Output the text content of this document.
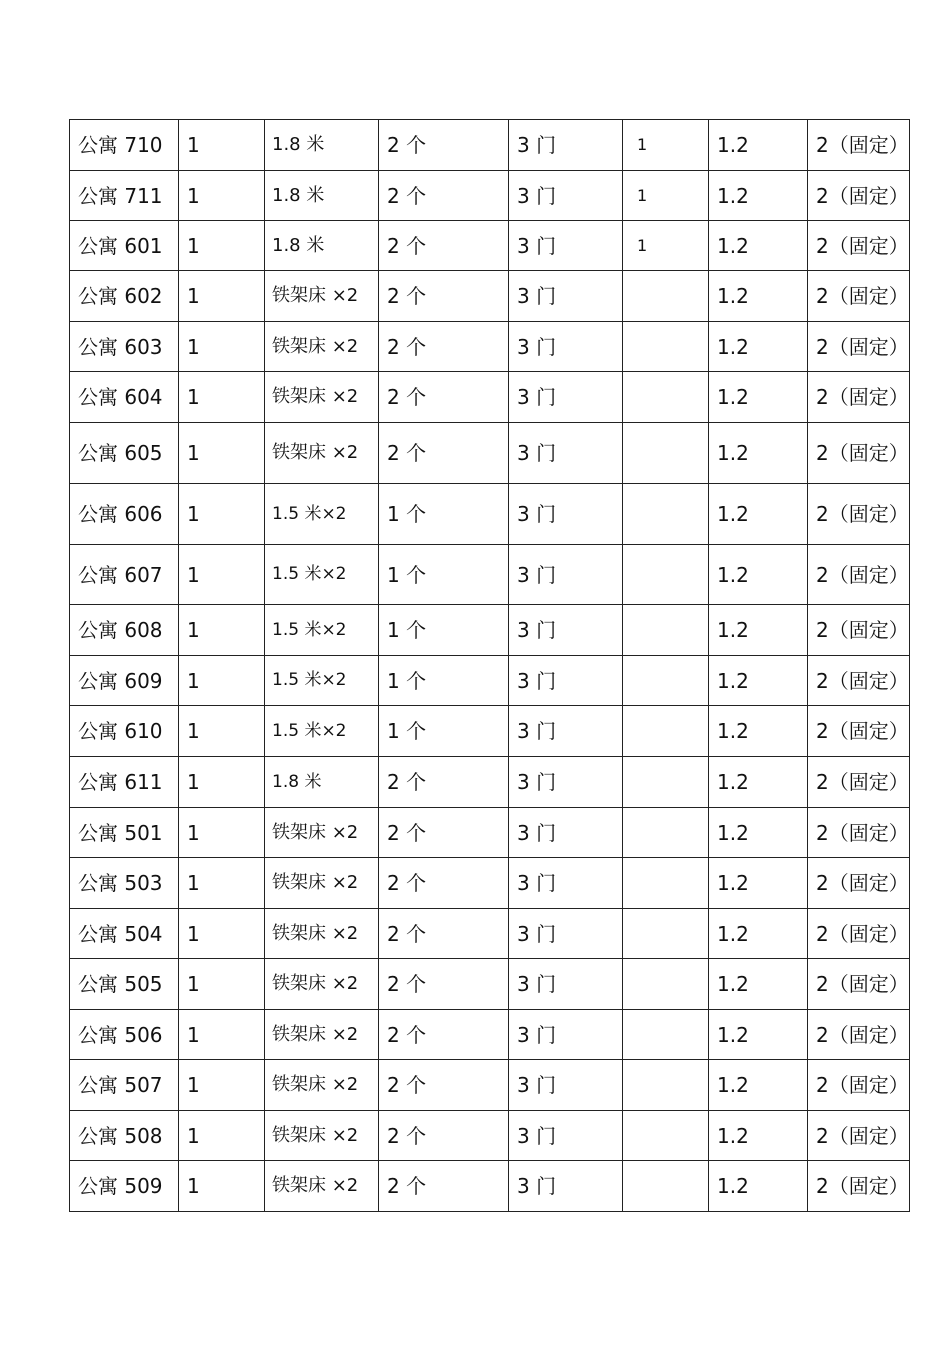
公寓 710	1	1.8 米	2 个	3 门	1	1.2	2（固定）
公寓 711	1	1.8 米	2 个	3 门	1	1.2	2（固定）
公寓 601	1	1.8 米	2 个	3 门	1	1.2	2（固定）
公寓 602	1	铁架床 ×2	2 个	3 门		1.2	2（固定）
公寓 603	1	铁架床 ×2	2 个	3 门		1.2	2（固定）
公寓 604	1	铁架床 ×2	2 个	3 门		1.2	2（固定）
公寓 605	1	铁架床 ×2	2 个	3 门		1.2	2（固定）
公寓 606	1	1.5 米×2	1 个	3 门		1.2	2（固定）
公寓 607	1	1.5 米×2	1 个	3 门		1.2	2（固定）
公寓 608	1	1.5 米×2	1 个	3 门		1.2	2（固定）
公寓 609	1	1.5 米×2	1 个	3 门		1.2	2（固定）
公寓 610	1	1.5 米×2	1 个	3 门		1.2	2（固定）
公寓 611	1	1.8 米	2 个	3 门		1.2	2（固定）
公寓 501	1	铁架床 ×2	2 个	3 门		1.2	2（固定）
公寓 503	1	铁架床 ×2	2 个	3 门		1.2	2（固定）
公寓 504	1	铁架床 ×2	2 个	3 门		1.2	2（固定）
公寓 505	1	铁架床 ×2	2 个	3 门		1.2	2（固定）
公寓 506	1	铁架床 ×2	2 个	3 门		1.2	2（固定）
公寓 507	1	铁架床 ×2	2 个	3 门		1.2	2（固定）
公寓 508	1	铁架床 ×2	2 个	3 门		1.2	2（固定）
公寓 509	1	铁架床 ×2	2 个	3 门		1.2	2（固定）
